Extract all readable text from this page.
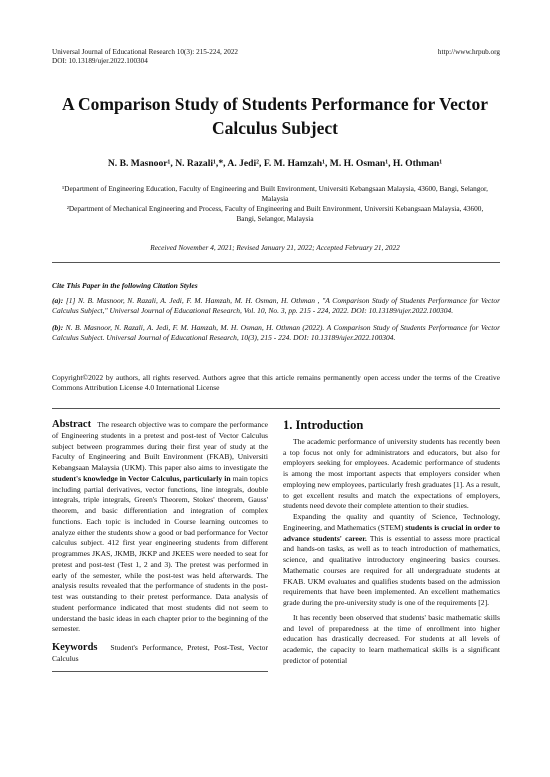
Universal Journal of Educational Research 10(3): 215-224, 2022
DOI: 10.13189/ujer.2022.100304
http://www.hrpub.org
A Comparison Study of Students Performance for Vector Calculus Subject
N. B. Masnoor¹, N. Razali¹,*, A. Jedi², F. M. Hamzah¹, M. H. Osman¹, H. Othman¹
¹Department of Engineering Education, Faculty of Engineering and Built Environment, Universiti Kebangsaan Malaysia, 43600, Bangi, Selangor, Malaysia
²Department of Mechanical Engineering and Process, Faculty of Engineering and Built Environment, Universiti Kebangsaan Malaysia, 43600, Bangi, Selangor, Malaysia
Received November 4, 2021; Revised January 21, 2022; Accepted February 21, 2022
Cite This Paper in the following Citation Styles

(a): [1] N. B. Masnoor, N. Razali, A. Jedi, F. M. Hamzah, M. H. Osman, H. Othman , "A Comparison Study of Students Performance for Vector Calculus Subject," Universal Journal of Educational Research, Vol. 10, No. 3, pp. 215 - 224, 2022. DOI: 10.13189/ujer.2022.100304.

(b): N. B. Masnoor, N. Razali, A. Jedi, F. M. Hamzah, M. H. Osman, H. Othman (2022). A Comparison Study of Students Performance for Vector Calculus Subject. Universal Journal of Educational Research, 10(3), 215 - 224. DOI: 10.13189/ujer.2022.100304.

Copyright©2022 by authors, all rights reserved. Authors agree that this article remains permanently open access under the terms of the Creative Commons Attribution License 4.0 International License
Abstract The research objective was to compare the performance of Engineering students in a pretest and post-test of Vector Calculus subject between programmes during their first year of study at the Faculty of Engineering and Built Environment (FKAB), Universiti Kebangsaan Malaysia (UKM). This paper also aims to investigate the student's knowledge in Vector Calculus, particularly in main topics including partial derivatives, vector functions, line integrals, double integrals, triple integrals, Green's Theorem, Stokes' theorem, Gauss' theorem, and basic differentiation and integration of complex functions. Each topic is included in Course learning outcomes to analyze either the students show a good or bad performance for Vector calculus subject. 412 first year engineering students from different programmes JKAS, JKMB, JKKP and JKEES were needed to seat for pretest and post-test (Test 1, 2 and 3). The pretest was performed in early of the semester, while the post-test was held afterwards. The analysis results revealed that the performance of students in the post-test was outstanding to their pretest performance. Data analysis of student performance indicated that most students did not seem to understand the basic ideas in each chapter prior to the beginning of the semester.
Keywords Student's Performance, Pretest, Post-Test, Vector Calculus
1. Introduction

The academic performance of university students has recently been a top focus not only for administrators and educators, but also for employers seeking for employees. Academic performance of students is among the most important aspects that employers consider when employing new employees, particularly fresh graduates [1]. As a result, to get excellent results and match the expectations of employers, students need devote their complete attention to their studies.

Expanding the quality and quantity of Science, Technology, Engineering, and Mathematics (STEM) students is crucial in order to advance students' career. This is essential to assess more practical and hands-on tasks, as well as to teach introduction of mathematics, science, and qualitative introductory engineering basics courses. Mathematic courses are required for all undergraduate students at FKAB. UKM evaluates and qualifies students based on the admission requirements that have been implemented. An excellent mathematics grade during the pre-university study is one of the requirements [2].

It has recently been observed that students' basic mathematic skills and level of preparedness at the time of enrollment into higher education has drastically decreased. For students at all levels of academic, the capacity to learn mathematical skills is a significant predictor of potential
